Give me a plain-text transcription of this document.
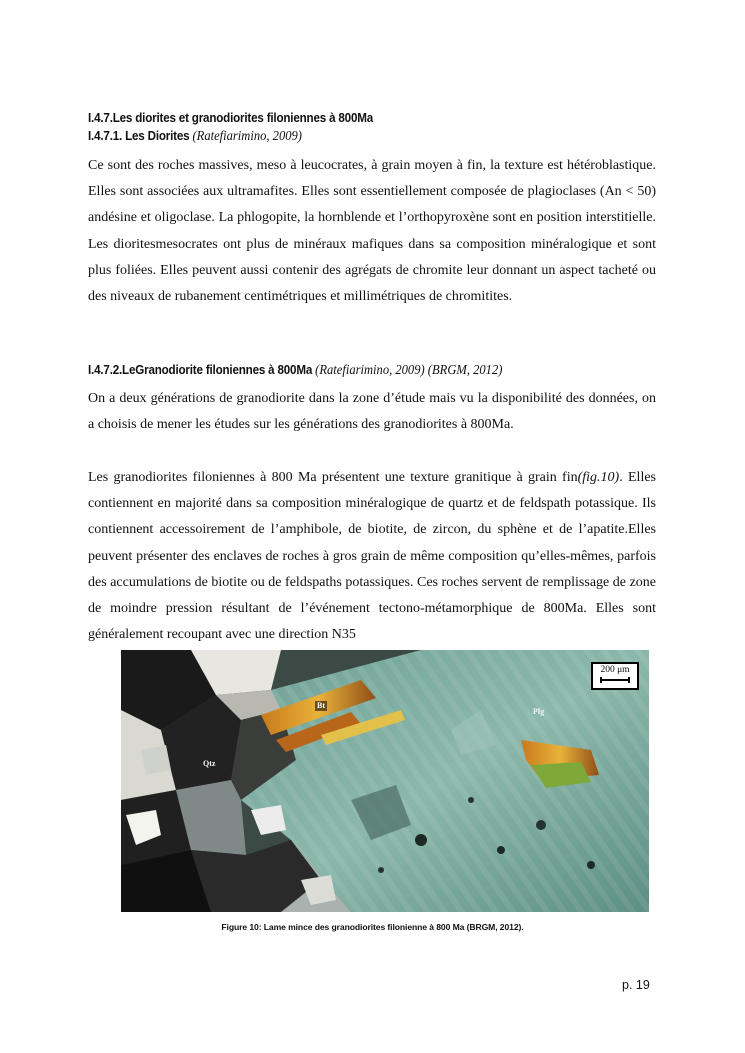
I.4.7.Les diorites et granodiorites filoniennes à 800Ma
I.4.7.1. Les Diorites (Ratefiarimino, 2009)

Ce sont des roches massives, meso à leucocrates, à grain moyen à fin, la texture est hétéroblastique. Elles sont associées aux ultramafites. Elles sont essentiellement composée de plagioclases (An < 50) andésine et oligoclase. La phlogopite, la hornblende et l’orthopyroxène sont en position interstitielle. Les dioritesmesocrates ont plus de minéraux mafiques dans sa composition minéralogique et sont plus foliées. Elles peuvent aussi contenir des agrégats de chromite leur donnant un aspect tacheté ou des niveaux de rubanement centimétriques et millimétriques de chromitites.

I.4.7.2.LeGranodiorite filoniennes à 800Ma (Ratefiarimino, 2009) (BRGM, 2012)

On a deux générations de granodiorite dans la zone d’étude mais vu la disponibilité des données, on a choisis de mener les études sur les générations des granodiorites à 800Ma.

Les granodiorites filoniennes à 800 Ma présentent une texture granitique à grain fin(fig.10). Elles contiennent en majorité dans sa composition minéralogique de quartz et de feldspath potassique. Ils contiennent accessoirement de l’amphibole, de biotite, de zircon, du sphène et de l’apatite.Elles peuvent présenter des enclaves de roches à gros grain de même composition qu’elles-mêmes, parfois des accumulations de biotite ou de feldspaths potassiques. Ces roches servent de remplissage de zone de moindre pression résultant de l’événement tectono-métamorphique de 800Ma. Elles sont généralement recoupant avec une direction N35

200 μm
Bt
Plg
Qtz
Figure 10: Lame mince des granodiorites filonienne à 800 Ma (BRGM, 2012).
p. 19
